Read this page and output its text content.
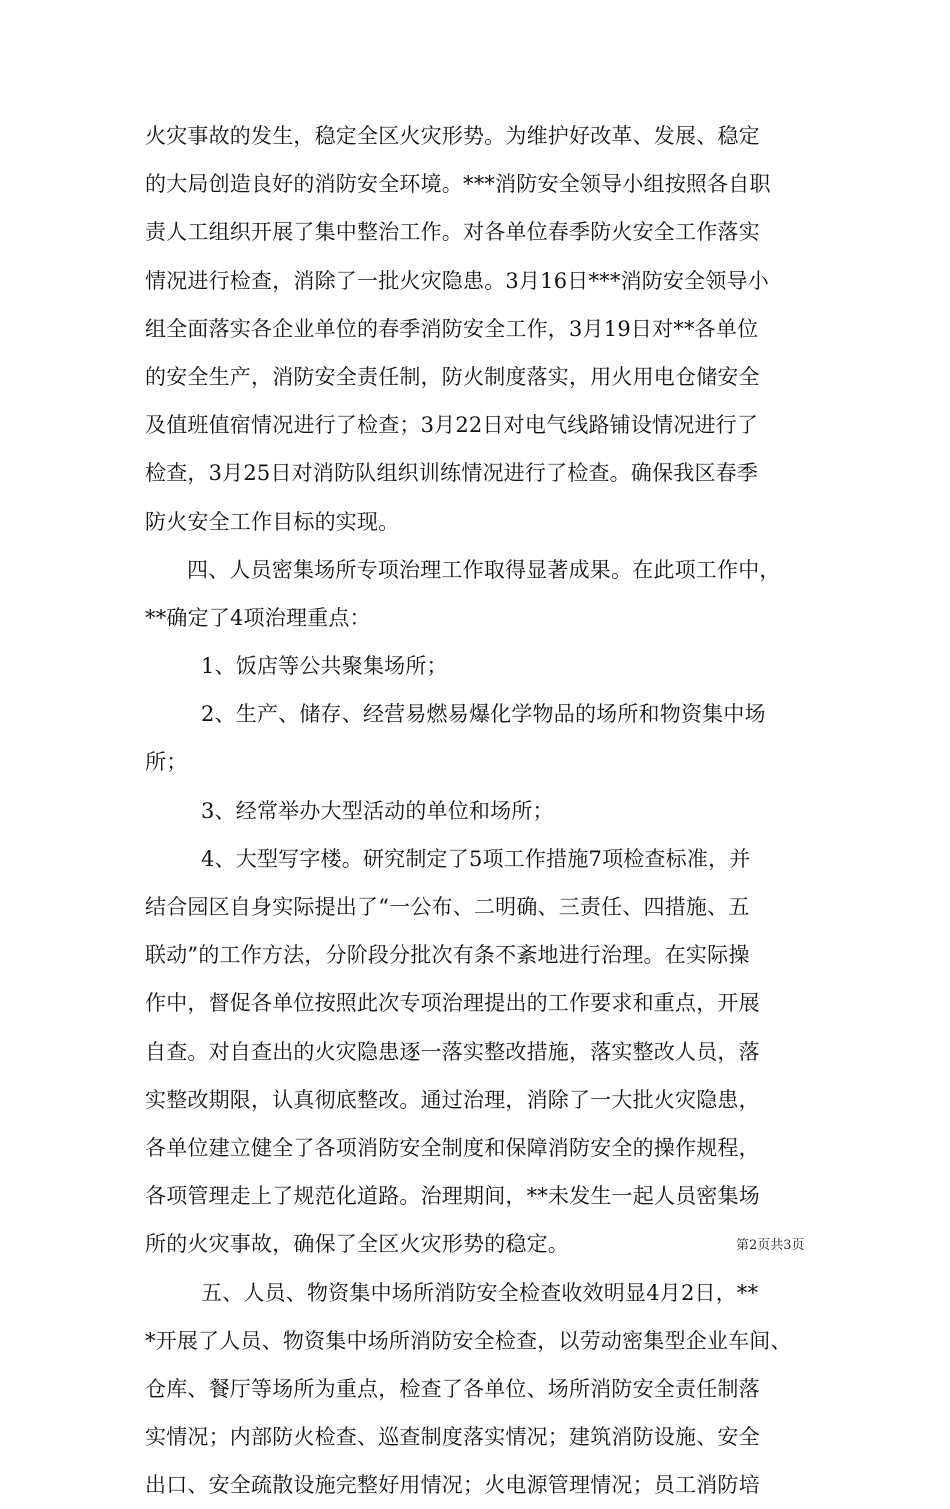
火灾事故的发生，稳定全区火灾形势。为维护好改革、发展、稳定
的大局创造良好的消防安全环境。***消防安全领导小组按照各自职
责人工组织开展了集中整治工作。对各单位春季防火安全工作落实
情况进行检查，消除了一批火灾隐患。3月16日***消防安全领导小
组全面落实各企业单位的春季消防安全工作，3月19日对**各单位
的安全生产，消防安全责任制，防火制度落实，用火用电仓储安全
及值班值宿情况进行了检查；3月22日对电气线路铺设情况进行了
检查，3月25日对消防队组织训练情况进行了检查。确保我区春季
防火安全工作目标的实现。
四、人员密集场所专项治理工作取得显著成果。在此项工作中，
**确定了4项治理重点：
1、饭店等公共聚集场所；
2、生产、储存、经营易燃易爆化学物品的场所和物资集中场
所；
3、经常举办大型活动的单位和场所；
4、大型写字楼。研究制定了5项工作措施7项检查标准，并
结合园区自身实际提出了“一公布、二明确、三责任、四措施、五
联动”的工作方法，分阶段分批次有条不紊地进行治理。在实际操
作中，督促各单位按照此次专项治理提出的工作要求和重点，开展
自查。对自查出的火灾隐患逐一落实整改措施，落实整改人员，落
实整改期限，认真彻底整改。通过治理，消除了一大批火灾隐患，
各单位建立健全了各项消防安全制度和保障消防安全的操作规程，
各项管理走上了规范化道路。治理期间，**未发生一起人员密集场
所的火灾事故，确保了全区火灾形势的稳定。
五、人员、物资集中场所消防安全检查收效明显4月2日，**
*开展了人员、物资集中场所消防安全检查，以劳动密集型企业车间、
仓库、餐厅等场所为重点，检查了各单位、场所消防安全责任制落
实情况；内部防火检查、巡查制度落实情况；建筑消防设施、安全
出口、安全疏散设施完整好用情况；火电源管理情况；员工消防培
第2页共3页
